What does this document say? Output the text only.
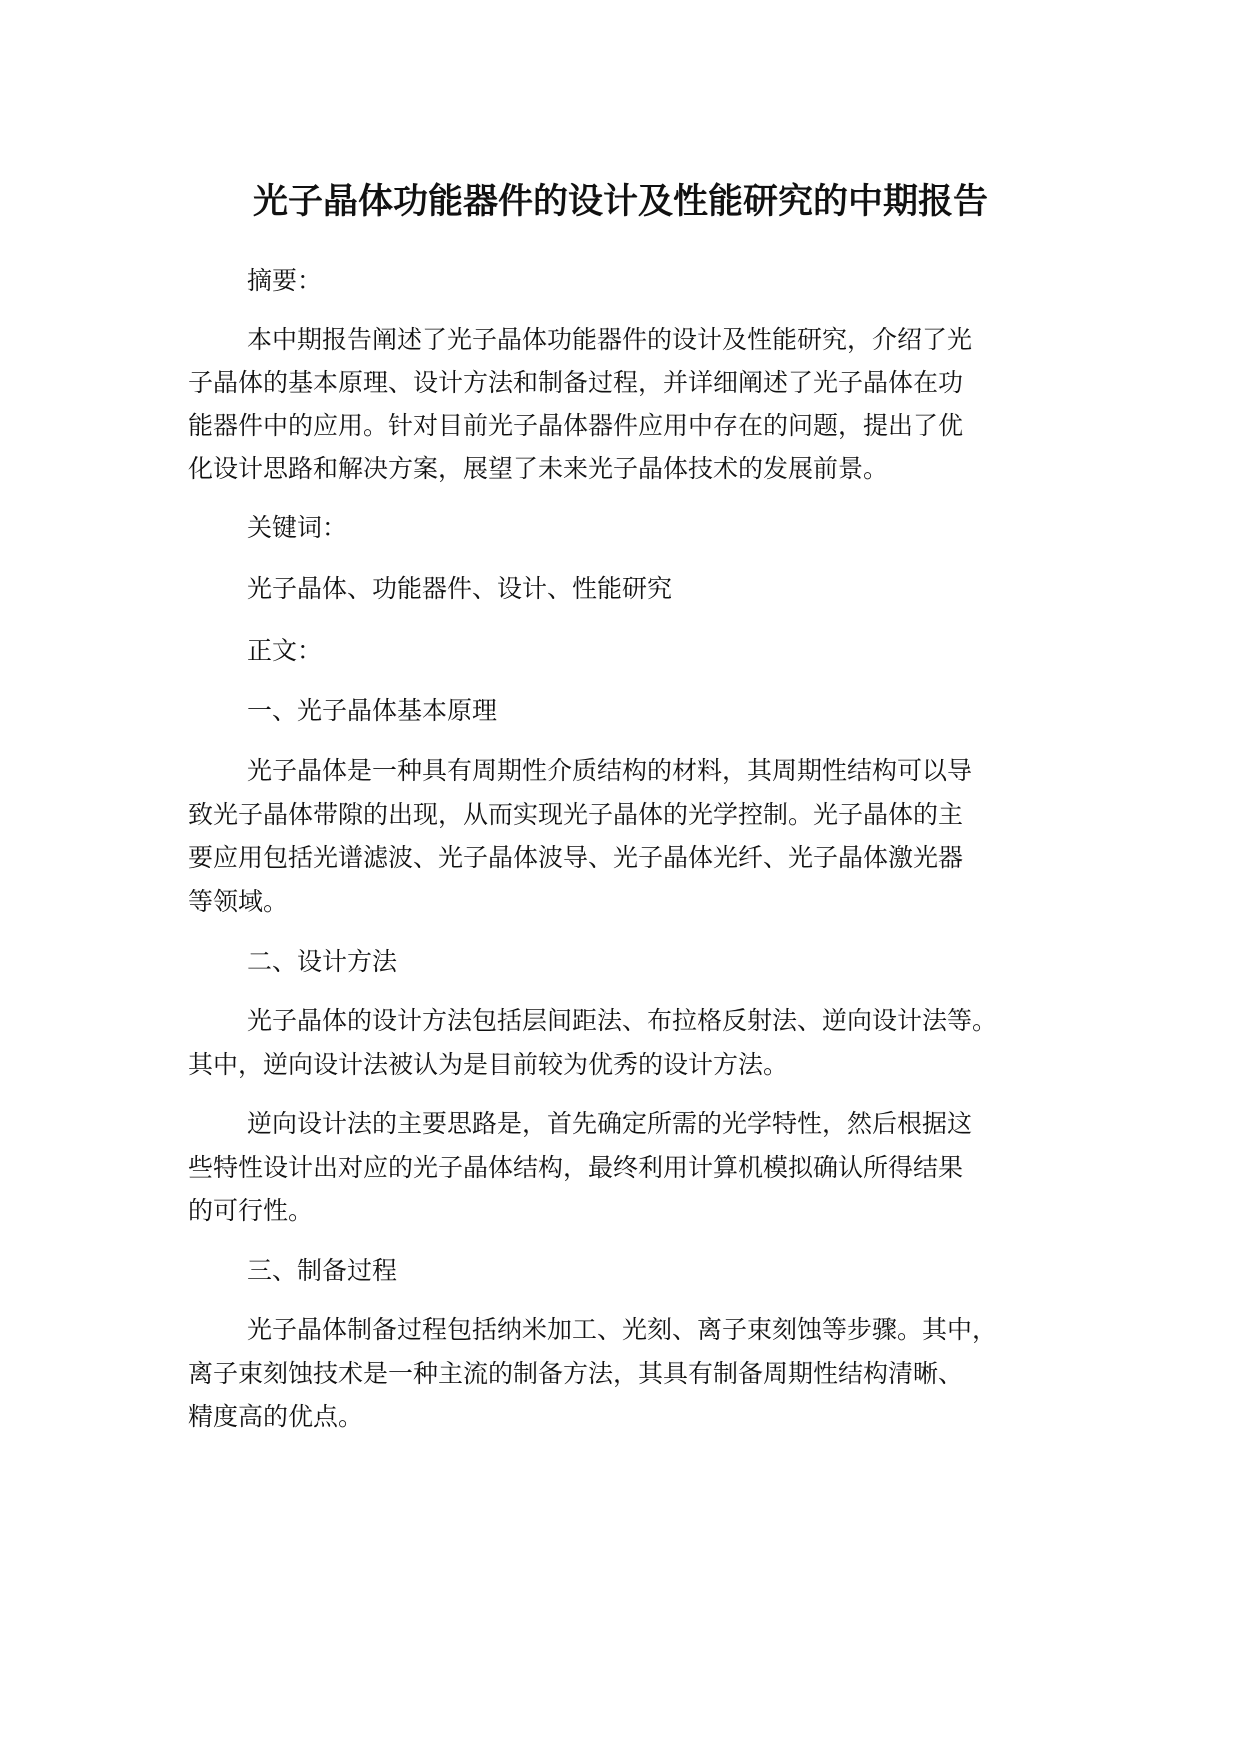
光子晶体功能器件的设计及性能研究的中期报告
摘要：
本中期报告阐述了光子晶体功能器件的设计及性能研究，介绍了光
子晶体的基本原理、设计方法和制备过程，并详细阐述了光子晶体在功
能器件中的应用。针对目前光子晶体器件应用中存在的问题，提出了优
化设计思路和解决方案，展望了未来光子晶体技术的发展前景。
关键词：
光子晶体、功能器件、设计、性能研究
正文：
一、光子晶体基本原理
光子晶体是一种具有周期性介质结构的材料，其周期性结构可以导
致光子晶体带隙的出现，从而实现光子晶体的光学控制。光子晶体的主
要应用包括光谱滤波、光子晶体波导、光子晶体光纤、光子晶体激光器
等领域。
二、设计方法
光子晶体的设计方法包括层间距法、布拉格反射法、逆向设计法等。
其中，逆向设计法被认为是目前较为优秀的设计方法。
逆向设计法的主要思路是，首先确定所需的光学特性，然后根据这
些特性设计出对应的光子晶体结构，最终利用计算机模拟确认所得结果
的可行性。
三、制备过程
光子晶体制备过程包括纳米加工、光刻、离子束刻蚀等步骤。其中，
离子束刻蚀技术是一种主流的制备方法，其具有制备周期性结构清晰、
精度高的优点。
